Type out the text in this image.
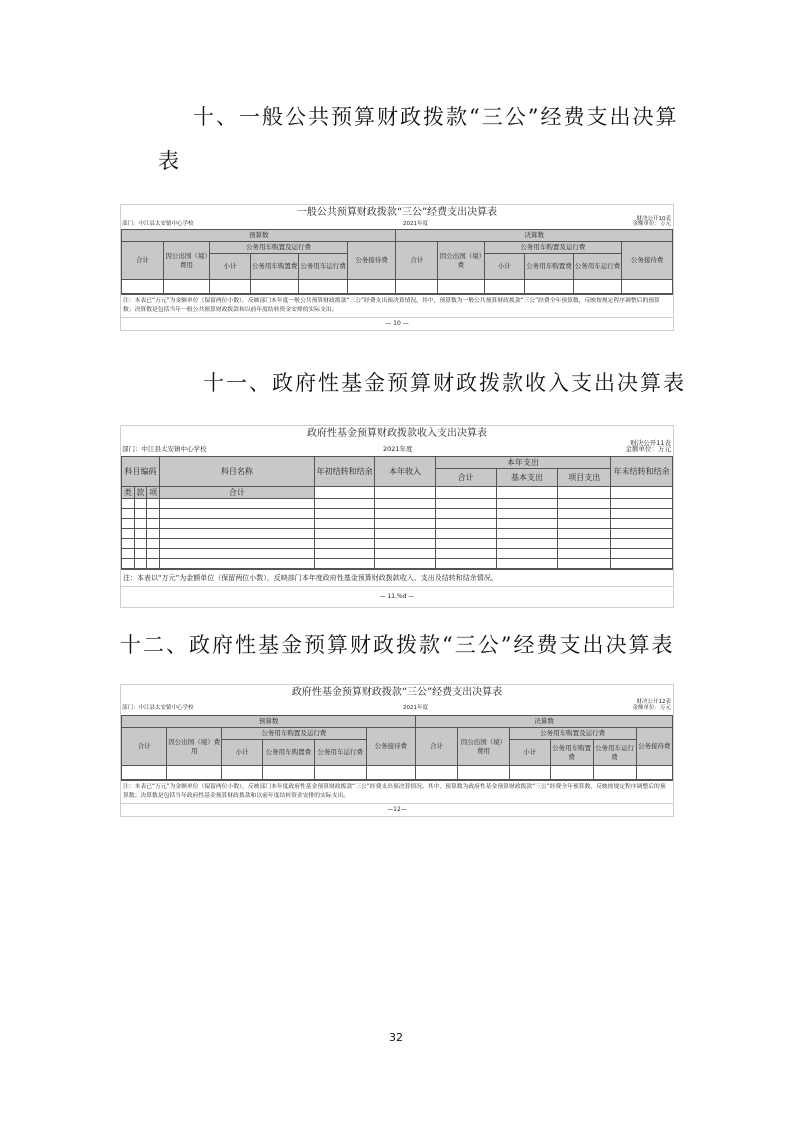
十、一般公共预算财政拨款“三公”经费支出决算
表
一般公共预算财政拨款“三公”经费支出决算表
财决公开10表
部门：中江县太安镇中心学校	2021年度	金额单位：万元
预算数						决算数					
合计	因公出国（境）费用	公务用车购置及运行费			公务接待费	合计	因公出国（境）费	公务用车购置及运行费			公务接待费
		小计	公务用车购置费	公务用车运行费				小计	公务用车购置费	公务用车运行费	

注：本表已“万元”为金额单位（保留两位小数），反映部门本年度一般公共预算财政拨款“三公”经费支出预决算情况。其中，预算数为一般公共预算财政拨款“三公”经费全年预算数，反映按规定程序调整后的预算数；决算数是包括当年一般公共预算财政拨款和以前年度结转资金安排的实际支出。
— 10 —
十一、政府性基金预算财政拨款收入支出决算表
政府性基金预算财政拨款收入支出决算表
财决公开11表
部门：中江县太安镇中心学校	2021年度	金额单位：万元
科目编码			科目名称	年初结转和结余	本年收入	本年支出			年末结转和结余
						合计	基本支出	项目支出	
类	款	项	合计						

注：本表以“万元”为金额单位（保留两位小数），反映部门本年度政府性基金预算财政拨款收入、支出及结转和结余情况。
— 11.%d —
十二、政府性基金预算财政拨款“三公”经费支出决算表
政府性基金预算财政拨款“三公”经费支出决算表
财决公开12表
部门：中江县太安镇中心学校	2021年度	金额单位：万元
预算数						决算数					
合计	因公出国（境）费用	公务用车购置及运行费			公务接待费	合计	因公出国（境）费用	公务用车购置及运行费			公务接待费
		小计	公务用车购置费	公务用车运行费				小计	公务用车购置费	公务用车运行费	

注：本表已“万元”为金额单位（保留两位小数），反映部门本年度政府性基金预算财政拨款“三公”经费支出预决算情况。其中，预算数为政府性基金预算财政拨款“三公”经费全年预算数，反映按规定程序调整后的预算数；决算数是包括当年政府性基金预算财政拨款和以前年度结转资金安排的实际支出。
—12—
32
